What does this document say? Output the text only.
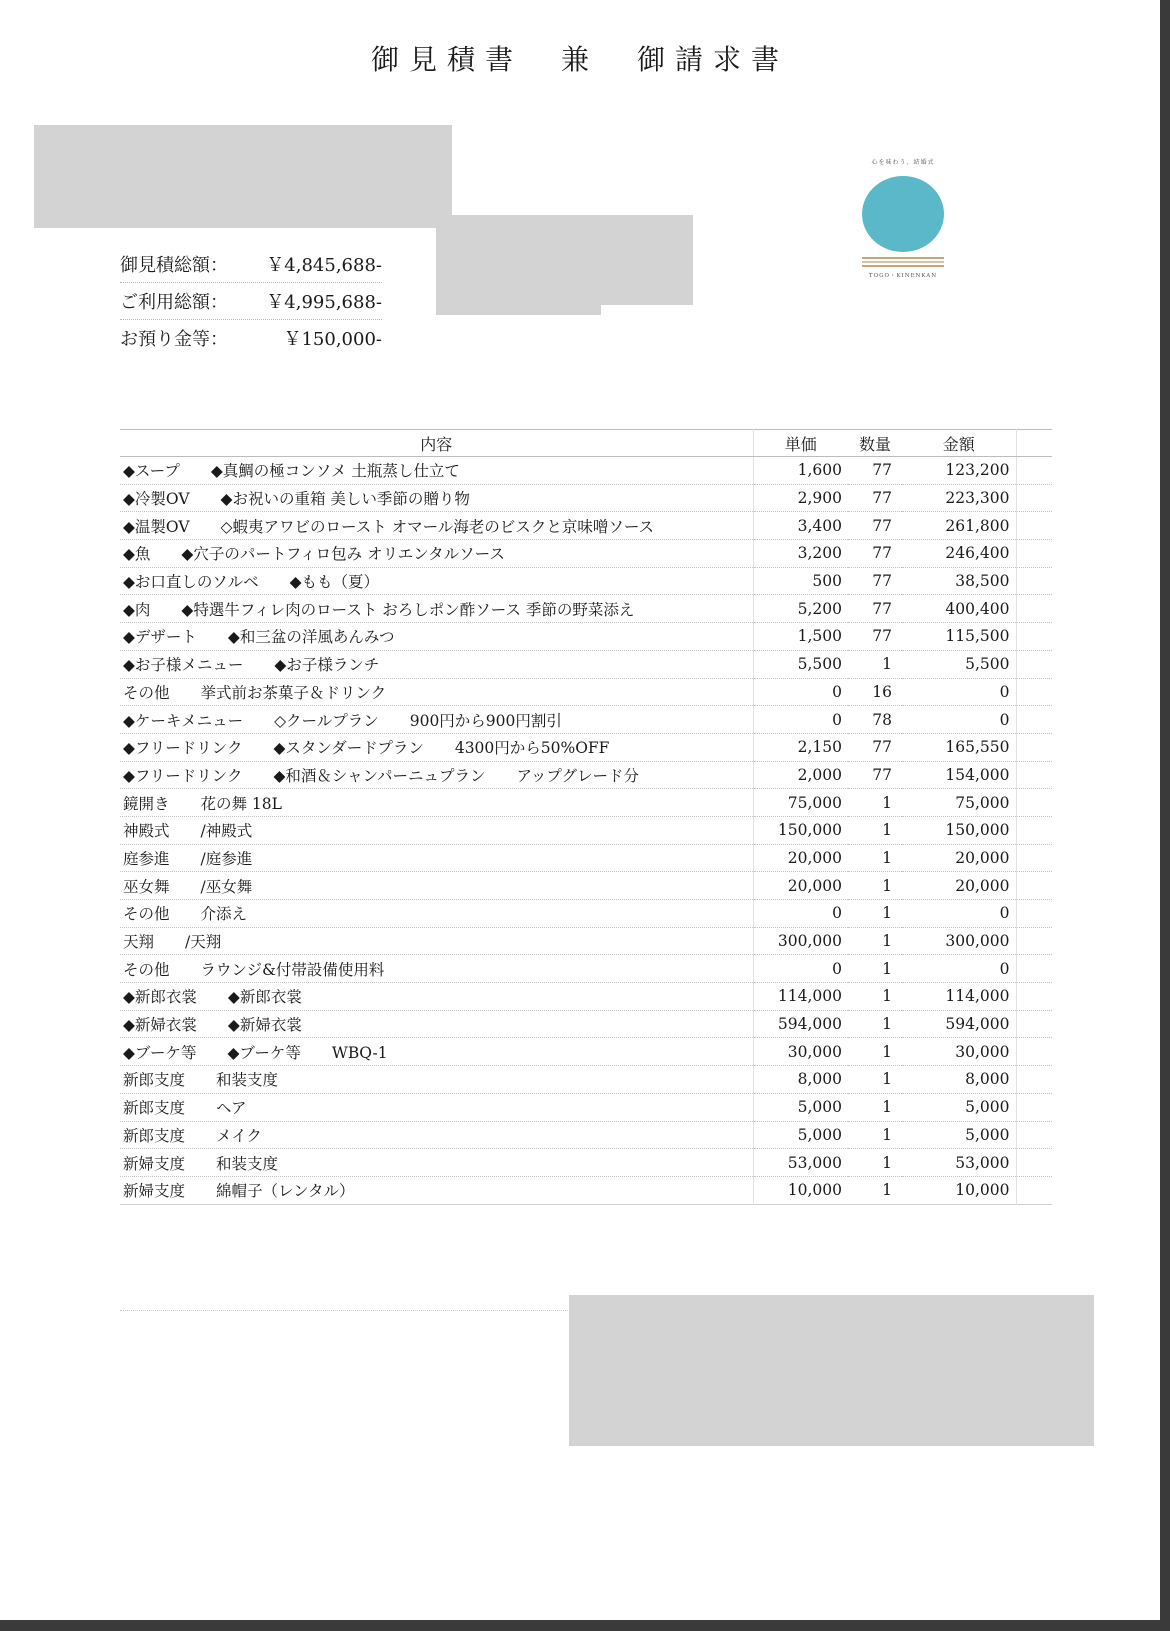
御見積書　兼　御請求書
御見積総額： ￥4,845,688-
ご利用総額： ￥4,995,688-
お預り金等：	￥150,000-
心を味わう、結婚式
TOGO・KINENKAN
内容	単価	数量	金額	
◆スープ　　◆真鯛の極コンソメ 土瓶蒸し仕立て	1,600	77	123,200	
◆冷製OV　　◆お祝いの重箱 美しい季節の贈り物	2,900	77	223,300	
◆温製OV　　◇蝦夷アワビのロースト オマール海老のビスクと京味噌ソース	3,400	77	261,800	
◆魚　　◆穴子のパートフィロ包み オリエンタルソース	3,200	77	246,400	
◆お口直しのソルベ　　◆もも（夏）	500	77	38,500	
◆肉　　◆特選牛フィレ肉のロースト おろしポン酢ソース 季節の野菜添え	5,200	77	400,400	
◆デザート　　◆和三盆の洋風あんみつ	1,500	77	115,500	
◆お子様メニュー　　◆お子様ランチ	5,500	1	5,500	
その他　　挙式前お茶菓子＆ドリンク	0	16	0	
◆ケーキメニュー　　◇クールプラン　　900円から900円割引	0	78	0	
◆フリードリンク　　◆スタンダードプラン　　4300円から50%OFF	2,150	77	165,550	
◆フリードリンク　　◆和酒＆シャンパーニュプラン　　アップグレード分	2,000	77	154,000	
鏡開き　　花の舞 18L	75,000	1	75,000	
神殿式　　/神殿式	150,000	1	150,000	
庭参進　　/庭参進	20,000	1	20,000	
巫女舞　　/巫女舞	20,000	1	20,000	
その他　　介添え	0	1	0	
天翔　　/天翔	300,000	1	300,000	
その他　　ラウンジ&付帯設備使用料	0	1	0	
◆新郎衣裳　　◆新郎衣裳	114,000	1	114,000	
◆新婦衣裳　　◆新婦衣裳	594,000	1	594,000	
◆ブーケ等　　◆ブーケ等　　WBQ-1	30,000	1	30,000	
新郎支度　　和装支度	8,000	1	8,000	
新郎支度　　ヘア	5,000	1	5,000	
新郎支度　　メイク	5,000	1	5,000	
新婦支度　　和装支度	53,000	1	53,000	
新婦支度　　綿帽子（レンタル）	10,000	1	10,000	
